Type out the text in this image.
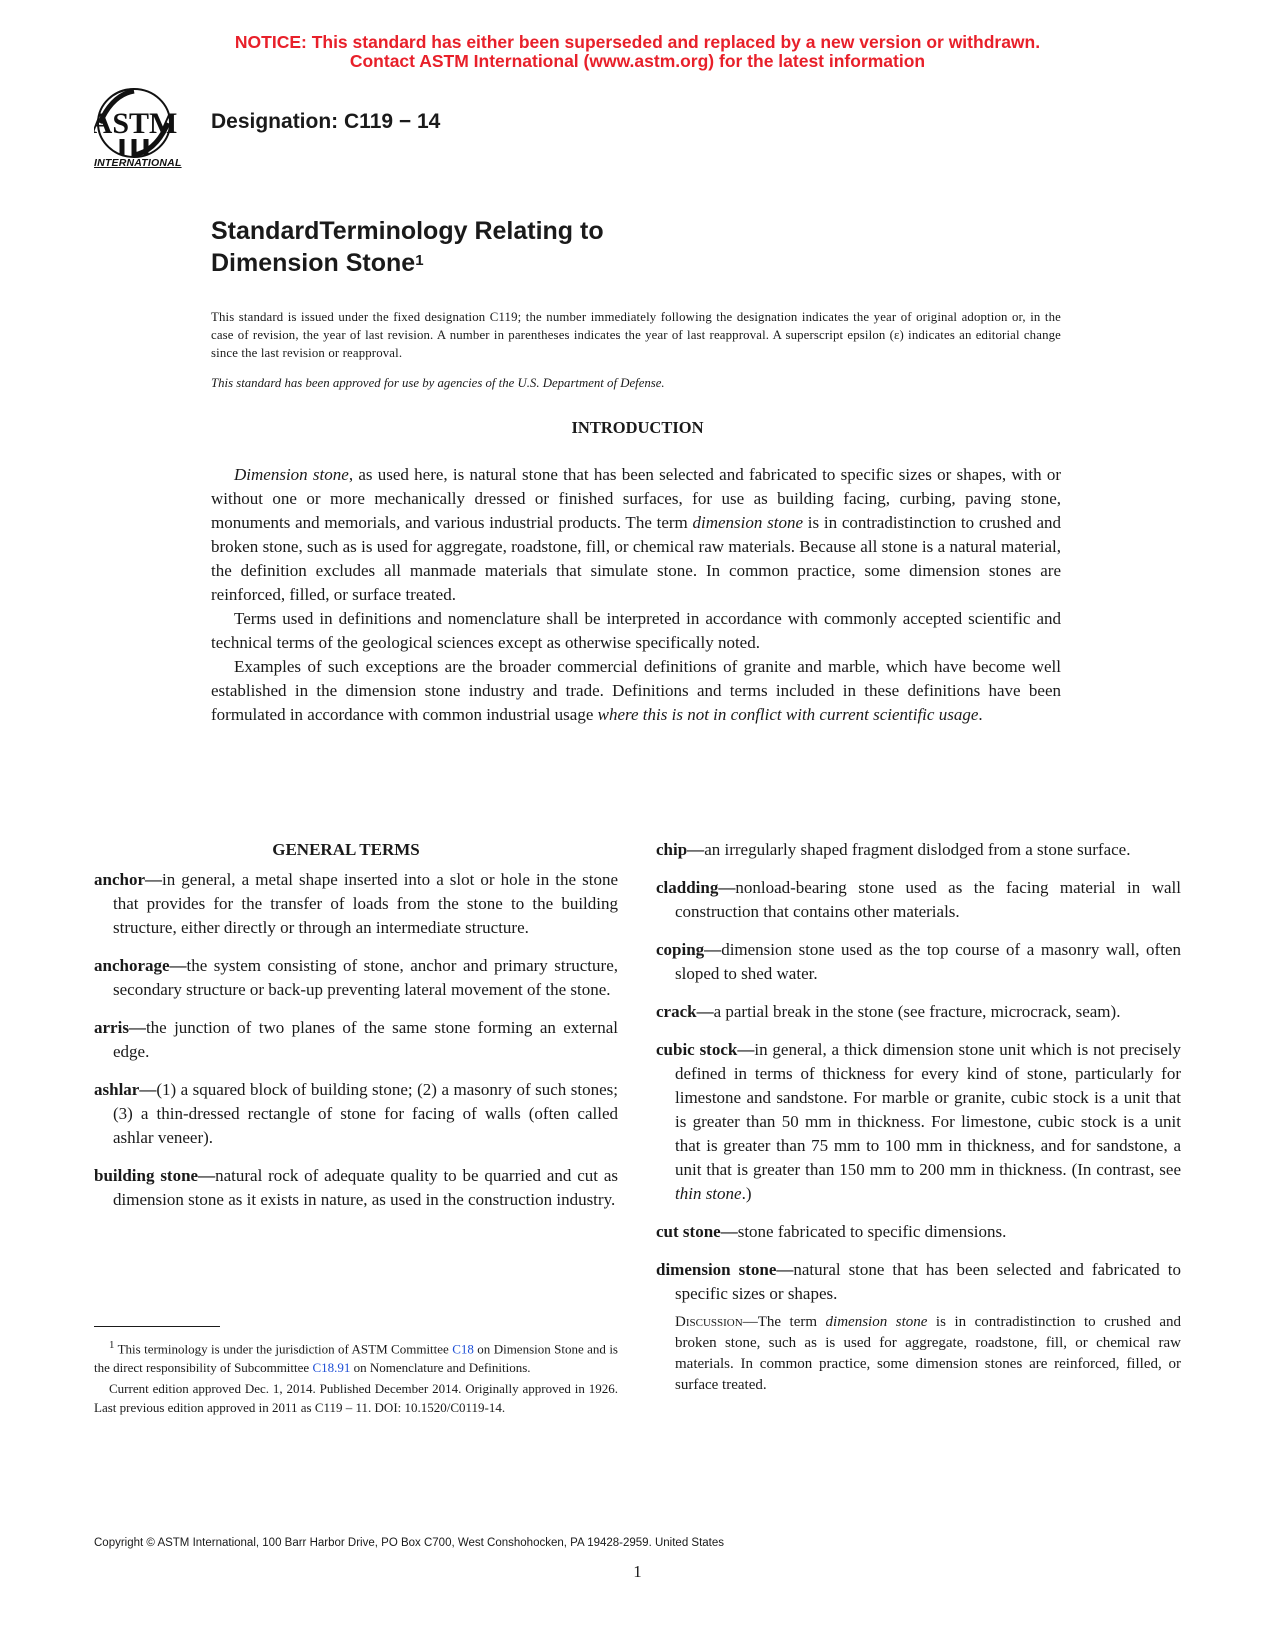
NOTICE: This standard has either been superseded and replaced by a new version or withdrawn.
Contact ASTM International (www.astm.org) for the latest information
ASTM
INTERNATIONAL
Designation: C119 − 14
StandardTerminology Relating to
Dimension Stone$^1$
This standard is issued under the fixed designation C119; the number immediately following the designation indicates the year of original adoption or, in the case of revision, the year of last revision. A number in parentheses indicates the year of last reapproval. A superscript epsilon (ε) indicates an editorial change since the last revision or reapproval.
This standard has been approved for use by agencies of the U.S. Department of Defense.
INTRODUCTION

Dimension stone, as used here, is natural stone that has been selected and fabricated to specific sizes or shapes, with or without one or more mechanically dressed or finished surfaces, for use as building facing, curbing, paving stone, monuments and memorials, and various industrial products. The term dimension stone is in contradistinction to crushed and broken stone, such as is used for aggregate, roadstone, fill, or chemical raw materials. Because all stone is a natural material, the definition excludes all manmade materials that simulate stone. In common practice, some dimension stones are reinforced, filled, or surface treated.

Terms used in definitions and nomenclature shall be interpreted in accordance with commonly accepted scientific and technical terms of the geological sciences except as otherwise specifically noted.

Examples of such exceptions are the broader commercial definitions of granite and marble, which have become well established in the dimension stone industry and trade. Definitions and terms included in these definitions have been formulated in accordance with common industrial usage where this is not in conflict with current scientific usage.

GENERAL TERMS
anchor—in general, a metal shape inserted into a slot or hole in the stone that provides for the transfer of loads from the stone to the building structure, either directly or through an intermediate structure.
anchorage—the system consisting of stone, anchor and primary structure, secondary structure or back-up preventing lateral movement of the stone.
arris—the junction of two planes of the same stone forming an external edge.
ashlar—(1) a squared block of building stone; (2) a masonry of such stones; (3) a thin-dressed rectangle of stone for facing of walls (often called ashlar veneer).
building stone—natural rock of adequate quality to be quarried and cut as dimension stone as it exists in nature, as used in the construction industry.
chip—an irregularly shaped fragment dislodged from a stone surface.
cladding—nonload-bearing stone used as the facing material in wall construction that contains other materials.
coping—dimension stone used as the top course of a masonry wall, often sloped to shed water.
crack—a partial break in the stone (see fracture, microcrack, seam).
cubic stock—in general, a thick dimension stone unit which is not precisely defined in terms of thickness for every kind of stone, particularly for limestone and sandstone. For marble or granite, cubic stock is a unit that is greater than 50 mm in thickness. For limestone, cubic stock is a unit that is greater than 75 mm to 100 mm in thickness, and for sandstone, a unit that is greater than 150 mm to 200 mm in thickness. (In contrast, see thin stone.)
cut stone—stone fabricated to specific dimensions.
dimension stone—natural stone that has been selected and fabricated to specific sizes or shapes.
Discussion—The term dimension stone is in contradistinction to crushed and broken stone, such as is used for aggregate, roadstone, fill, or chemical raw materials. In common practice, some dimension stones are reinforced, filled, or surface treated.

$^1$ This terminology is under the jurisdiction of ASTM Committee C18 on Dimension Stone and is the direct responsibility of Subcommittee C18.91 on Nomenclature and Definitions.

Current edition approved Dec. 1, 2014. Published December 2014. Originally approved in 1926. Last previous edition approved in 2011 as C119 – 11. DOI: 10.1520/C0119-14.

Copyright © ASTM International, 100 Barr Harbor Drive, PO Box C700, West Conshohocken, PA 19428-2959. United States
1
